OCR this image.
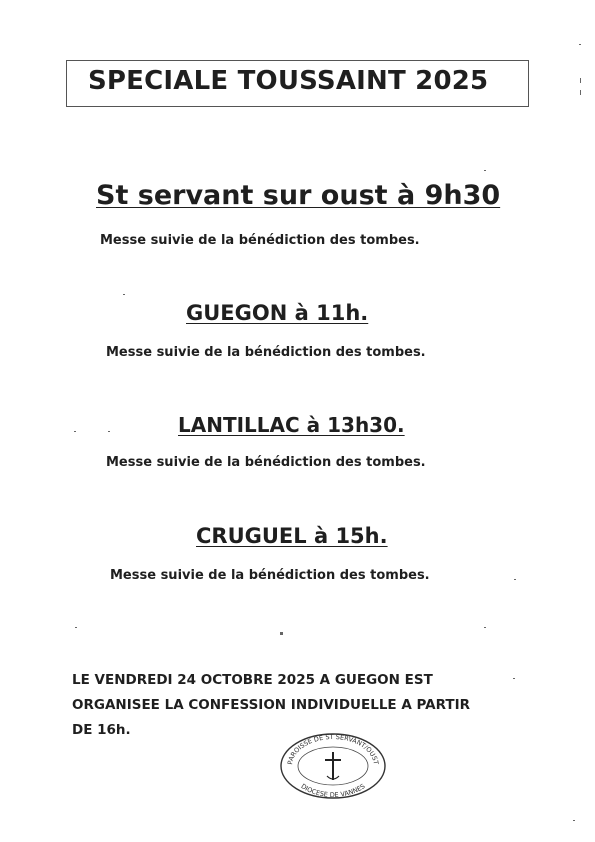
SPECIALE TOUSSAINT 2025
St servant sur oust à 9h30
Messe suivie de la bénédiction des tombes.
GUEGON à 11h.
Messe suivie de la bénédiction des tombes.
LANTILLAC à 13h30.
Messe suivie de la bénédiction des tombes.
CRUGUEL à 15h.
Messe suivie de la bénédiction des tombes.
LE VENDREDI 24 OCTOBRE 2025 A GUEGON EST
ORGANISEE LA CONFESSION INDIVIDUELLE A PARTIR
DE 16h.
PAROISSE DE ST SERVANT/OUST
DIOCESE DE VANNES
